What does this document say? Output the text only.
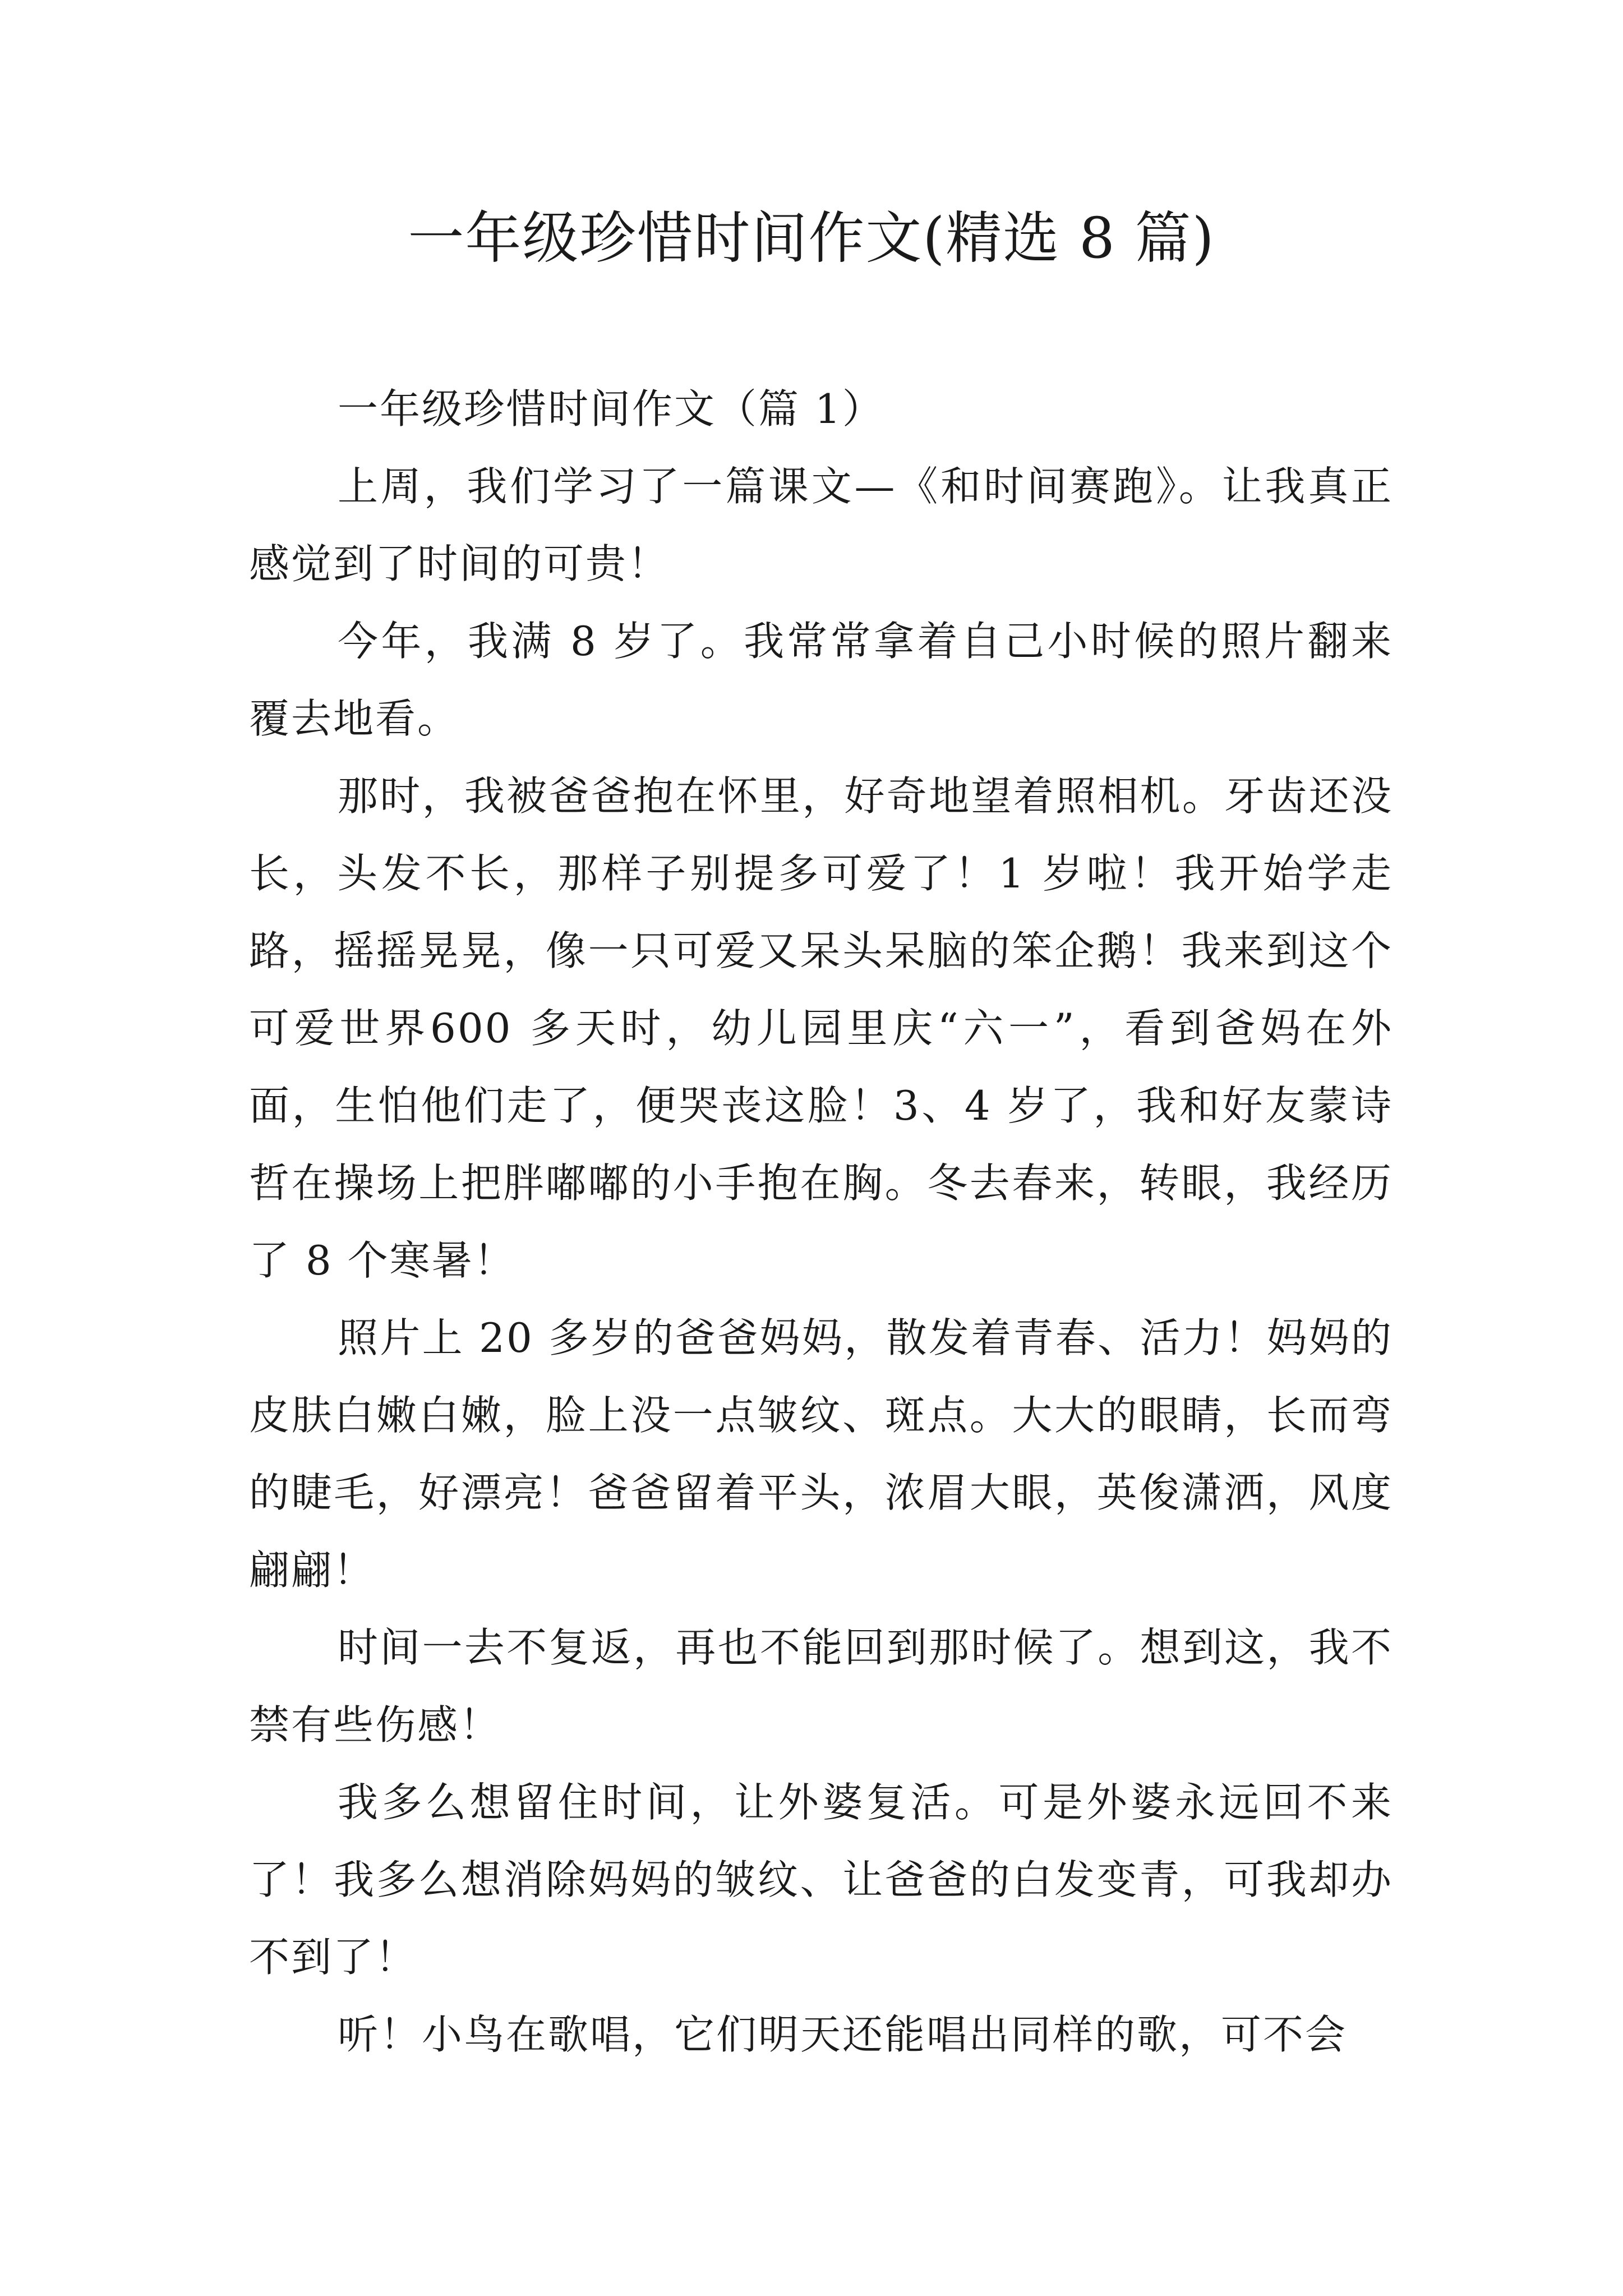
一年级珍惜时间作文(精选 8 篇)

一年级珍惜时间作文（篇 1）

上周，我们学习了一篇课文—《和时间赛跑》。让我真正感觉到了时间的可贵！

今年，我满 8 岁了。我常常拿着自己小时候的照片翻来覆去地看。

那时，我被爸爸抱在怀里，好奇地望着照相机。牙齿还没长，头发不长，那样子别提多可爱了！1 岁啦！我开始学走路，摇摇晃晃，像一只可爱又呆头呆脑的笨企鹅！我来到这个可爱世界600 多天时，幼儿园里庆“六一”，看到爸妈在外面，生怕他们走了，便哭丧这脸！3、4 岁了，我和好友蒙诗哲在操场上把胖嘟嘟的小手抱在胸。冬去春来，转眼，我经历了 8 个寒暑！

照片上 20 多岁的爸爸妈妈，散发着青春、活力！妈妈的皮肤白嫩白嫩，脸上没一点皱纹、斑点。大大的眼睛，长而弯的睫毛，好漂亮！爸爸留着平头，浓眉大眼，英俊潇洒，风度翩翩！

时间一去不复返，再也不能回到那时候了。想到这，我不禁有些伤感！

我多么想留住时间，让外婆复活。可是外婆永远回不来了！我多么想消除妈妈的皱纹、让爸爸的白发变青，可我却办不到了！

听！小鸟在歌唱，它们明天还能唱出同样的歌，可不会
